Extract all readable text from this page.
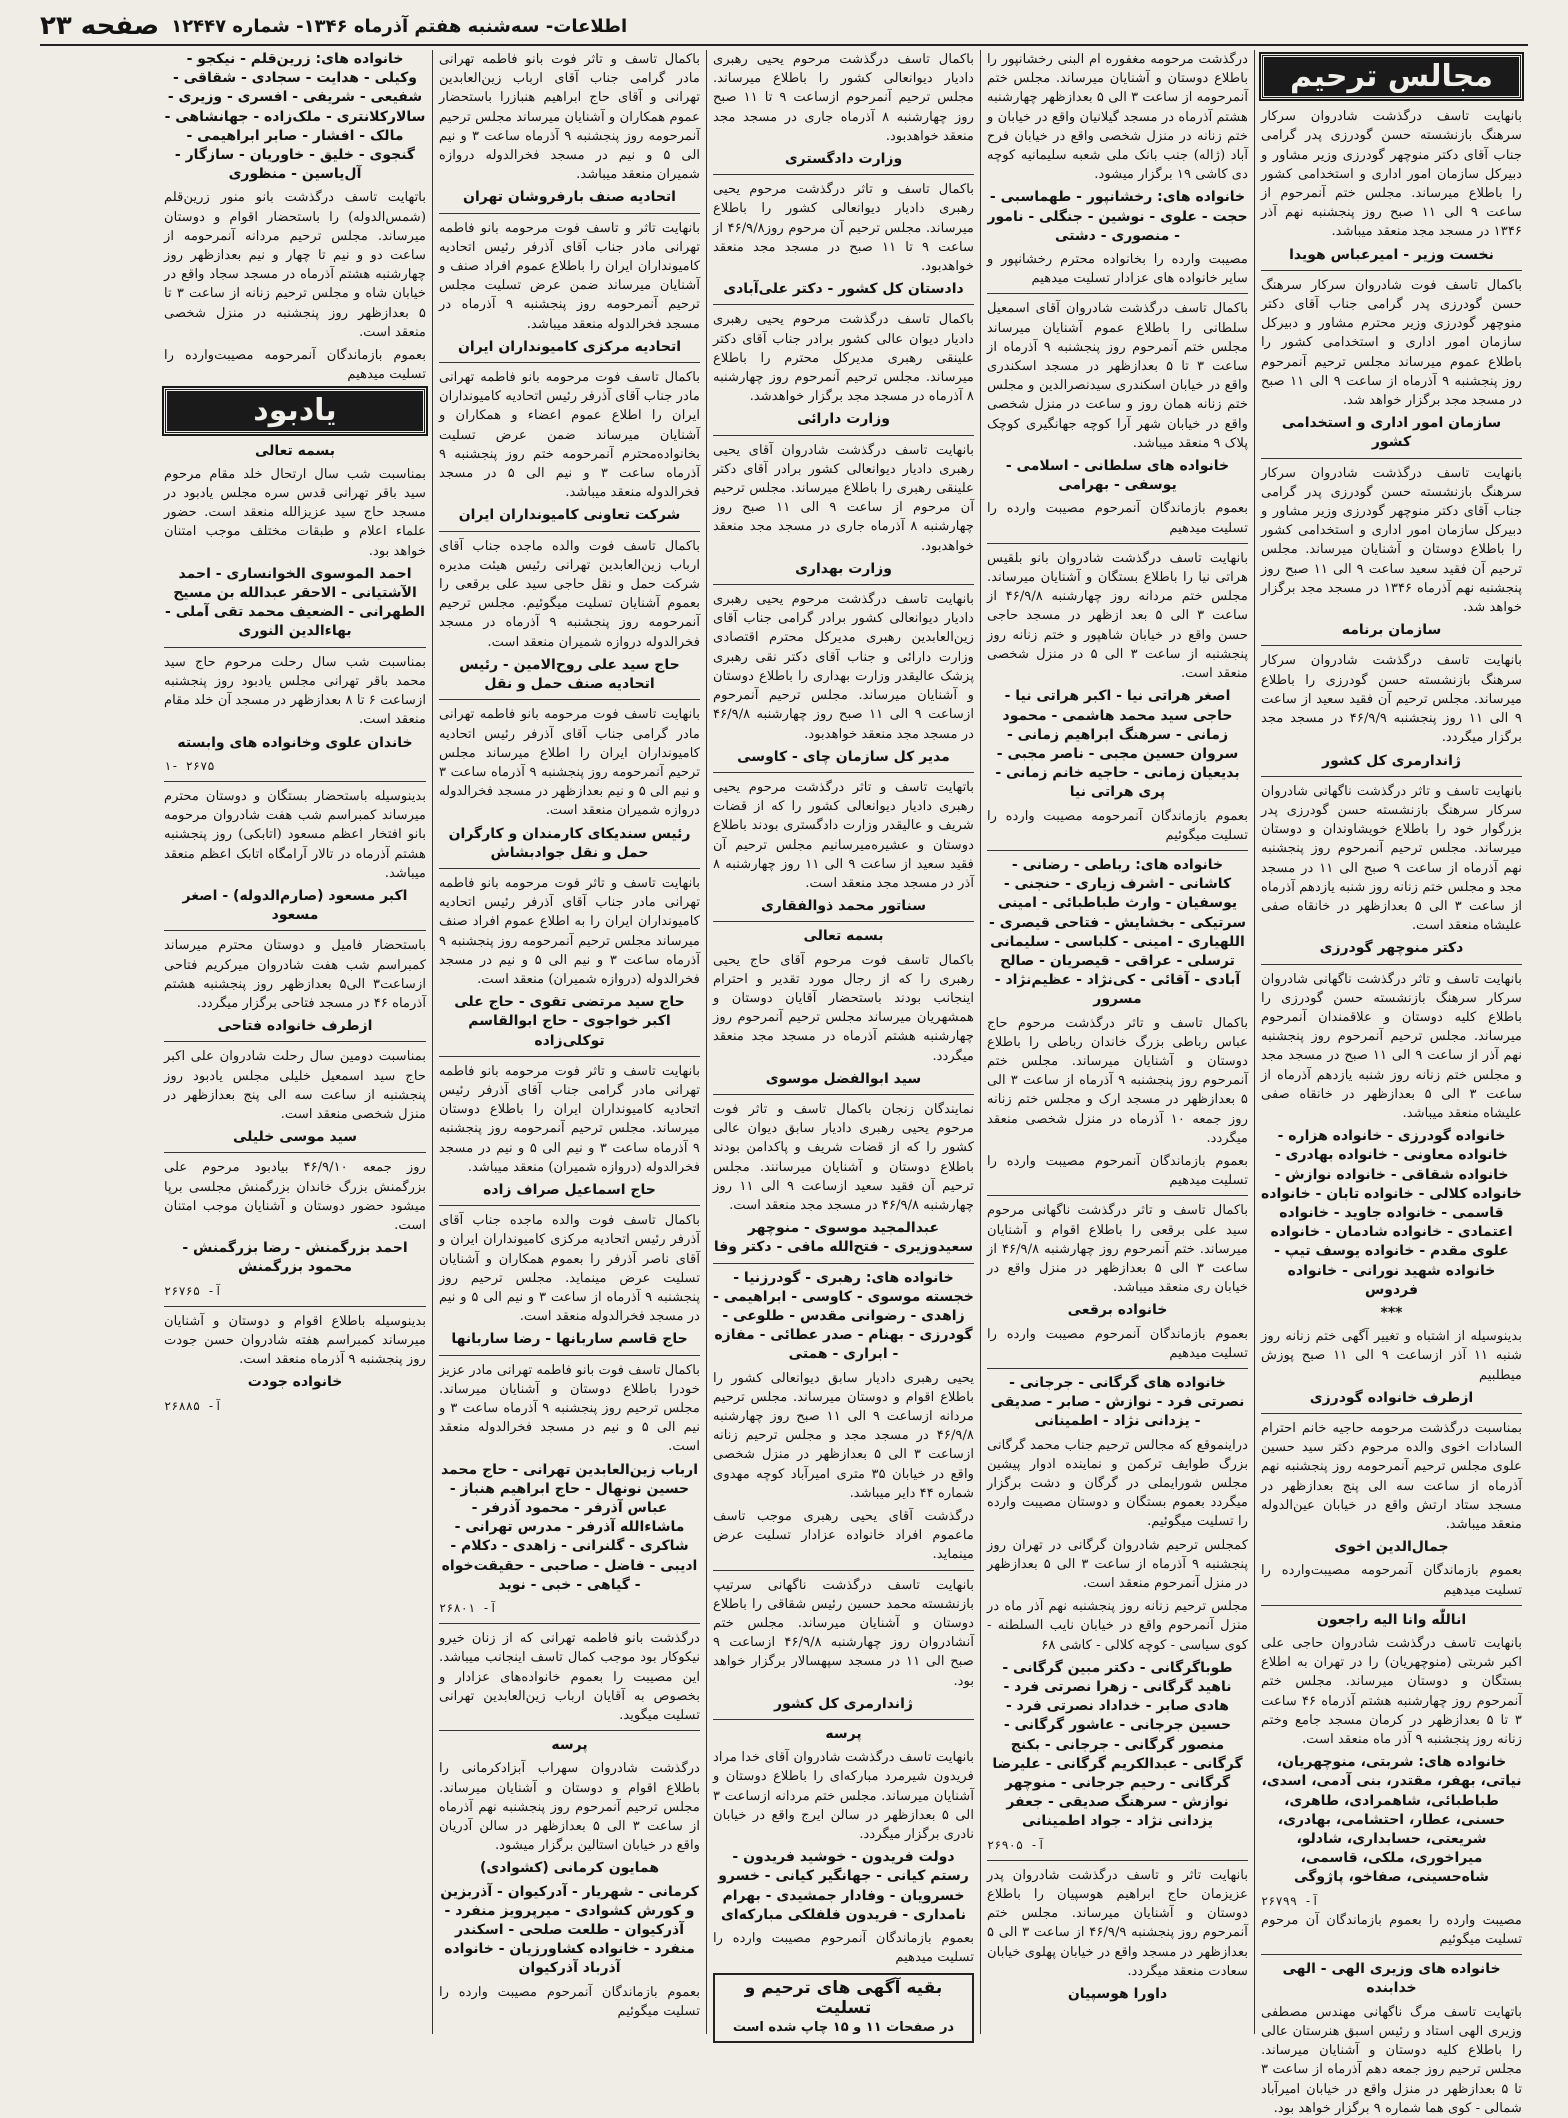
صفحه ۲۳ اطلاعات- سه‌شنبه هفتم آذرماه ۱۳۴۶- شماره ۱۲۴۴۷
مجالس ترحیم

بانهایت تاسف درگذشت شادروان سرکار سرهنگ بازنشسته حسن گودرزی پدر گرامی جناب آقای دکتر منوچهر گودرزی وزیر مشاور و دبیرکل سازمان امور اداری و استخدامی کشور را باطلاع میرساند. مجلس ختم آنمرحوم از ساعت ۹ الی ۱۱ صبح روز پنجشنبه نهم آذر ۱۳۴۶ در مسجد مجد منعقد میباشد.

نخست وزیر - امیرعباس هویدا

باکمال تاسف فوت شادروان سرکار سرهنگ حسن گودرزی پدر گرامی جناب آقای دکتر منوچهر گودرزی وزیر محترم مشاور و دبیرکل سازمان امور اداری و استخدامی کشور را باطلاع عموم میرساند مجلس ترحیم آنمرحوم روز پنجشنبه ۹ آذرماه از ساعت ۹ الی ۱۱ صبح در مسجد مجد برگزار خواهد شد.

سازمان امور اداری و استخدامی کشور

بانهایت تاسف درگذشت شادروان سرکار سرهنگ بازنشسته حسن گودرزی پدر گرامی جناب آقای دکتر منوچهر گودرزی وزیر مشاور و دبیرکل سازمان امور اداری و استخدامی کشور را باطلاع دوستان و آشنایان میرساند. مجلس ترحیم آن فقید سعید ساعت ۹ الی ۱۱ صبح روز پنجشنبه نهم آذرماه ۱۳۴۶ در مسجد مجد برگزار خواهد شد.

سازمان برنامه

بانهایت تاسف درگذشت شادروان سرکار سرهنگ بازنشسته حسن گودرزی را باطلاع میرساند. مجلس ترحیم آن فقید سعید از ساعت ۹ الی ۱۱ روز پنجشنبه ۴۶/۹/۹ در مسجد مجد برگزار میگردد.

ژاندارمری کل کشور

بانهایت تاسف و تاثر درگذشت ناگهانی شادروان سرکار سرهنگ بازنشسته حسن گودرزی پدر بزرگوار خود را باطلاع خویشاوندان و دوستان میرساند. مجلس ترحیم آنمرحوم روز پنجشنبه نهم آذرماه از ساعت ۹ صبح الی ۱۱ در مسجد مجد و مجلس ختم زنانه روز شنبه یازدهم آذرماه از ساعت ۳ الی ۵ بعدازظهر در خانقاه صفی علیشاه منعقد است.

دکتر منوچهر گودرزی

بانهایت تاسف و تاثر درگذشت ناگهانی شادروان سرکار سرهنگ بازنشسته حسن گودرزی را باطلاع کلیه دوستان و علاقمندان آنمرحوم میرساند. مجلس ترحیم آنمرحوم روز پنجشنبه نهم آذر از ساعت ۹ الی ۱۱ صبح در مسجد مجد و مجلس ختم زنانه روز شنبه یازدهم آذرماه از ساعت ۳ الی ۵ بعدازظهر در خانقاه صفی علیشاه منعقد میباشد.

خانواده گودرزی - خانواده هزاره - خانواده معاونی - خانواده بهادری - خانواده شقاقی - خانواده نوازش - خانواده کلالی - خانواده تابان - خانواده قاسمی - خانواده جاوید - خانواده اعتمادی - خانواده شادمان - خانواده علوی مقدم - خانواده یوسف تیپ - خانواده شهید نورانی - خانواده فردوس

***

بدینوسیله از اشتباه و تغییر آگهی ختم زنانه روز شنبه ۱۱ آذر ازساعت ۹ الی ۱۱ صبح پوزش میطلبیم

ازطرف خانواده گودرزی

بمناسبت درگذشت مرحومه حاجیه خانم احترام السادات اخوی والده مرحوم دکتر سید حسین علوی مجلس ترحیم آنمرحومه روز پنجشنبه نهم آذرماه از ساعت سه الی پنج بعدازظهر در مسجد ستاد ارتش واقع در خیابان عین‌الدوله منعقد میباشد.

جمال‌الدین اخوی

بعموم بازماندگان آنمرحومه مصیبت‌وارده را تسلیت میدهیم

اناللّٰه وانا الیه راجعون

بانهایت تاسف درگذشت شادروان حاجی علی اکبر شربتی (منوچهریان) را در تهران به اطلاع بستگان و دوستان میرساند. مجلس ختم آنمرحوم روز چهارشنبه هشتم آذرماه ۴۶ ساعت ۳ تا ۵ بعدازظهر در کرمان مسجد جامع وختم زنانه روز پنجشنبه ۹ آذر ماه منعقد است.

خانواده های: شربتی، منوچهریان، نیاتی، بهفر، مقتدر، بنی آدمی، اسدی، طباطبائی، شاهمرادی، طاهری، حسنی، عطار، احتشامی، بهادری، شریعتی، حسابداری، شادلو، میراخوری، ملکی، قاسمی، شاه‌حسینی، صفاخو، پاژوگی

آ- ۲۶۷۹۹

مصیبت وارده را بعموم بازماندگان آن مرحوم تسلیت میگوئیم

خانواده های وزیری الهی - الهی خدابنده

باتهایت تاسف مرگ ناگهانی مهندس مصطفی وزیری الهی استاد و رئیس اسبق هنرستان عالی را باطلاع کلیه دوستان و آشنایان میرساند. مجلس ترحیم روز جمعه دهم آذرماه از ساعت ۳ تا ۵ بعدازظهر در منزل واقع در خیابان امیرآباد شمالی - کوی هما شماره ۹ برگزار خواهد بود.

درگذشت مرحومه مغفوره ام البنی رخشانپور را باطلاع دوستان و آشنایان میرساند. مجلس ختم آنمرحومه از ساعت ۳ الی ۵ بعدازظهر چهارشنبه هشتم آذرماه در مسجد گیلانیان واقع در خیابان و ختم زنانه در منزل شخصی واقع در خیابان فرح آباد (ژاله) جنب بانک ملی شعبه سلیمانیه کوچه دی کاشی ۱۹ برگزار میشود.

خانواده های: رخشانپور - طهماسبی - حجت - علوی - نوشین - جنگلی - نامور - منصوری - دشتی

مصیبت وارده را بخانواده محترم رخشانپور و سایر خانواده های عزادار تسلیت میدهیم

باکمال تاسف درگذشت شادروان آقای اسمعیل سلطانی را باطلاع عموم آشنایان میرساند مجلس ختم آنمرحوم روز پنجشنبه ۹ آذرماه از ساعت ۳ تا ۵ بعدازظهر در مسجد اسکندری واقع در خیابان اسکندری سیدنصرالدین و مجلس ختم زنانه همان روز و ساعت در منزل شخصی واقع در خیابان شهر آرا کوچه جهانگیری کوچک پلاک ۹ منعقد میباشد.

خانواده های سلطانی - اسلامی - یوسفی - بهرامی

بعموم بازماندگان آنمرحوم مصیبت وارده را تسلیت میدهیم

بانهایت تاسف درگذشت شادروان بانو بلقیس هراتی نیا را باطلاع بستگان و آشنایان میرساند. مجلس ختم مردانه روز چهارشنبه ۴۶/۹/۸ از ساعت ۳ الی ۵ بعد ازظهر در مسجد حاجی حسن واقع در خیابان شاهپور و ختم زنانه روز پنجشنبه از ساعت ۳ الی ۵ در منزل شخصی منعقد است.

اصغر هراتی نیا - اکبر هراتی نیا - حاجی سید محمد هاشمی - محمود زمانی - سرهنگ ابراهیم زمانی - سروان حسین مجبی - ناصر مجبی - بدیعیان زمانی - حاجیه خانم زمانی - پری هراتی نیا

بعموم بازماندگان آنمرحومه مصیبت وارده را تسلیت میگوئیم

خانواده های: رباطی - رضانی - کاشانی - اشرف زیاری - حنجنی - یوسفیان - وارث طباطبائی - امینی سرتیکی - بخشایش - فتاحی قیصری - اللهیاری - امینی - کلباسی - سلیمانی ترسلی - عراقی - قیصریان - صالح آبادی - آقائی - کی‌نژاد - عظیم‌نژاد - مسرور

باکمال تاسف و تاثر درگذشت مرحوم حاج عباس رباطی بزرگ خاندان رباطی را باطلاع دوستان و آشنایان میرساند. مجلس ختم آنمرحوم روز پنجشنبه ۹ آذرماه از ساعت ۳ الی ۵ بعدازظهر در مسجد ارک و مجلس ختم زنانه روز جمعه ۱۰ آذرماه در منزل شخصی منعقد میگردد.

بعموم بازماندگان آنمرحوم مصیبت وارده را تسلیت میدهیم

باکمال تاسف و تاثر درگذشت ناگهانی مرحوم سید علی برقعی را باطلاع اقوام و آشنایان میرساند. ختم آنمرحوم روز چهارشنبه ۴۶/۹/۸ از ساعت ۳ الی ۵ بعدازظهر در منزل واقع در خیابان ری منعقد میباشد.

خانواده برقعی

بعموم بازماندگان آنمرحوم مصیبت وارده را تسلیت میدهیم

خانواده های گرگانی - جرجانی - نصرتی فرد - نوازش - صابر - صدیقی - یزدانی نژاد - اطمینانی

دراینموقع که مجالس ترحیم جناب محمد گرگانی بزرگ طوایف ترکمن و نماینده ادوار پیشین مجلس شورایملی در گرگان و دشت برگزار میگردد بعموم بستگان و دوستان مصیبت وارده را تسلیت میگوئیم.

کمجلس ترحیم شادروان گرگانی در تهران روز پنجشنبه ۹ آذرماه از ساعت ۳ الی ۵ بعدازظهر در منزل آنمرحوم منعقد است.

مجلس ترحیم زنانه روز پنجشنبه نهم آذر ماه در منزل آنمرحوم واقع در خیابان نایب السلطنه - کوی سیاسی - کوچه کلالی - کاشی ۶۸

طوباگرگانی - دکتر مبین گرگانی - ناهید گرگانی - زهرا نصرتی فرد - هادی صابر - خداداد نصرتی فرد - حسین جرجانی - عاشور گرگانی - منصور گرگانی - جرجانی - بکنج گرگانی - عبدالکریم گرگانی - علیرضا گرگانی - رحیم جرجانی - منوچهر نوازش - سرهنگ صدیقی - جعفر یزدانی نژاد - جواد اطمینانی

آ- ۲۶۹۰۵

بانهایت تاثر و تاسف درگذشت شادروان پدر عزیزمان حاج ابراهیم هوسپیان را باطلاع دوستان و آشنایان میرساند. مجلس ختم آنمرحوم روز پنجشنبه ۴۶/۹/۹ از ساعت ۳ الی ۵ بعدازظهر در مسجد واقع در خیابان پهلوی خیابان سعادت منعقد میگردد.

داورا هوسپیان

باکمال تاسف درگذشت مرحوم یحیی رهبری دادیار دیوانعالی کشور را باطلاع میرساند. مجلس ترحیم آنمرحوم ازساعت ۹ تا ۱۱ صبح روز چهارشنبه ۸ آذرماه جاری در مسجد مجد منعقد خواهدبود.

وزارت دادگستری

باکمال تاسف و تاثر درگذشت مرحوم یحیی رهبری دادیار دیوانعالی کشور را باطلاع میرساند. مجلس ترحیم آن مرحوم روز۴۶/۹/۸ از ساعت ۹ تا ۱۱ صبح در مسجد مجد منعقد خواهدبود.

دادستان کل کشور - دکتر علی‌آبادی

باکمال تاسف درگذشت مرحوم یحیی رهبری دادیار دیوان عالی کشور برادر جناب آقای دکتر علینقی رهبری مدیرکل محترم را باطلاع میرساند. مجلس ترحیم آنمرحوم روز چهارشنبه ۸ آذرماه در مسجد مجد برگزار خواهدشد.

وزارت دارائی

بانهایت تاسف درگذشت شادروان آقای یحیی رهبری دادیار دیوانعالی کشور برادر آقای دکتر علینقی رهبری را باطلاع میرساند. مجلس ترحیم آن مرحوم از ساعت ۹ الی ۱۱ صبح روز چهارشنبه ۸ آذرماه جاری در مسجد مجد منعقد خواهدبود.

وزارت بهداری

بانهایت تاسف درگذشت مرحوم یحیی رهبری دادیار دیوانعالی کشور برادر گرامی جناب آقای زین‌العابدین رهبری مدیرکل محترم اقتصادی وزارت دارائی و جناب آقای دکتر نقی رهبری پزشک عالیقدر وزارت بهداری را باطلاع دوستان و آشنایان میرساند. مجلس ترحیم آنمرحوم ازساعت ۹ الی ۱۱ صبح روز چهارشنبه ۴۶/۹/۸ در مسجد مجد منعقد خواهدبود.

مدیر کل سازمان چای - کاوسی

باتهایت تاسف و تاثر درگذشت مرحوم یحیی رهبری دادیار دیوانعالی کشور را که از قضات شریف و عالیقدر وزارت دادگستری بودند باطلاع دوستان و عشیره‌میرسانیم مجلس ترحیم آن فقید سعید از ساعت ۹ الی ۱۱ روز چهارشنبه ۸ آذر در مسجد مجد منعقد است.

سناتور محمد ذوالفقاری
بسمه تعالی

باکمال تاسف فوت مرحوم آقای حاج یحیی رهبری را که از رجال مورد تقدیر و احترام اینجانب بودند باستحضار آقایان دوستان و همشهریان میرساند مجلس ترحیم آنمرحوم روز چهارشنبه هشتم آذرماه در مسجد مجد منعقد میگردد.

سید ابوالفضل موسوی

نمایندگان زنجان باکمال تاسف و تاثر فوت مرحوم یحیی رهبری دادیار سابق دیوان عالی کشور را که از قضات شریف و پاکدامن بودند باطلاع دوستان و آشنایان میرسانند. مجلس ترحیم آن فقید سعید ازساعت ۹ الی ۱۱ روز چهارشنبه ۴۶/۹/۸ در مسجد مجد منعقد است.

عبدالمجید موسوی - منوچهر سعیدوزیری - فتح‌الله مافی - دکتر وفا

خانواده های: رهبری - گودرزنیا - خجسته موسوی - کاوسی - ابراهیمی - زاهدی - رضوانی مقدس - طلوعی - گودرزی - بهنام - صدر عطائی - مفازه - ابراری - همتی

یحیی رهبری دادیار سابق دیوانعالی کشور را باطلاع اقوام و دوستان میرساند. مجلس ترحیم مردانه ازساعت ۹ الی ۱۱ صبح روز چهارشنبه ۴۶/۹/۸ در مسجد مجد و مجلس ترحیم زنانه ازساعت ۳ الی ۵ بعدازظهر در منزل شخصی واقع در خیابان ۳۵ متری امیرآباد کوچه مهدوی شماره ۴۴ دایر میباشد.

درگذشت آقای یحیی رهبری موجب تاسف ماعموم افراد خانواده عزادار تسلیت عرض مینماید.

بانهایت تاسف درگذشت ناگهانی سرتیپ بازنشسته محمد حسین رئیس شقاقی را باطلاع دوستان و آشنایان میرساند. مجلس ختم آنشادروان روز چهارشنبه ۴۶/۹/۸ ازساعت ۹ صبح الی ۱۱ در مسجد سپهسالار برگزار خواهد بود.

ژاندارمری کل کشور
پرسه

بانهایت تاسف درگذشت شادروان آقای خدا مراد فریدون شیرمرد مبارکه‌ای را باطلاع دوستان و آشنایان میرساند. مجلس ختم مردانه ازساعت ۳ الی ۵ بعدازظهر در سالن ایرج واقع در خیابان نادری برگزار میگردد.

دولت فریدون - خوشید فریدون - رستم کیانی - جهانگیر کیانی - خسرو خسرویان - وفادار جمشیدی - بهرام نامداری - فریدون فلفلکی مبارکه‌ای

بعموم بازماندگان آنمرحوم مصیبت وارده را تسلیت میدهیم

بقیه آگهی های ترحیم و تسلیت
در صفحات ۱۱ و ۱۵ چاپ شده است

باکمال تاسف و تاثر فوت بانو فاطمه تهرانی مادر گرامی جناب آقای ارباب زین‌العابدین تهرانی و آقای حاج ابراهیم هنبازرا باستحضار عموم همکاران و آشنایان میرساند مجلس ترحیم آنمرحومه روز پنجشنبه ۹ آذرماه ساعت ۳ و نیم الی ۵ و نیم در مسجد فخرالدوله دروازه شمیران منعقد میباشد.

اتحادیه صنف بارفروشان تهران

بانهایت تاثر و تاسف فوت مرحومه بانو فاطمه تهرانی مادر جناب آقای آذرفر رئیس اتحادیه کامیونداران ایران را باطلاع عموم افراد صنف و آشنایان میرساند ضمن عرض تسلیت مجلس ترحیم آنمرحومه روز پنجشنبه ۹ آذرماه در مسجد فخرالدوله منعقد میباشد.

اتحادیه مرکزی کامیونداران ایران

باکمال تاسف فوت مرحومه بانو فاطمه تهرانی مادر جناب آقای آذرفر رئیس اتحادیه کامیونداران ایران را اطلاع عموم اعضاء و همکاران و آشنایان میرساند ضمن عرض تسلیت بخانواده‌محترم آنمرحومه ختم روز پنجشنبه ۹ آذرماه ساعت ۳ و نیم الی ۵ در مسجد فخرالدوله منعقد میباشد.

شرکت تعاونی کامیونداران ایران

باکمال تاسف فوت والده ماجده جناب آقای ارباب زین‌العابدین تهرانی رئیس هیئت مدیره شرکت حمل و نقل حاجی سید علی برقعی را بعموم آشنایان تسلیت میگوئیم. مجلس ترحیم آنمرحومه روز پنجشنبه ۹ آذرماه در مسجد فخرالدوله دروازه شمیران منعقد است.

حاج سید علی روح‌الامین - رئیس اتحادیه صنف حمل و نقل

بانهایت تاسف فوت مرحومه بانو فاطمه تهرانی مادر گرامی جناب آقای آذرفر رئیس اتحادیه کامیونداران ایران را اطلاع میرساند مجلس ترحیم آنمرحومه روز پنجشنبه ۹ آذرماه ساعت ۳ و نیم الی ۵ و نیم بعدازظهر در مسجد فخرالدوله دروازه شمیران منعقد است.

رئیس سندیکای کارمندان و کارگران حمل و نقل جوادبشاش

بانهایت تاسف و تاثر فوت مرحومه بانو فاطمه تهرانی مادر جناب آقای آذرفر رئیس اتحادیه کامیونداران ایران را به اطلاع عموم افراد صنف میرساند مجلس ترحیم آنمرحومه روز پنجشنبه ۹ آذرماه ساعت ۳ و نیم الی ۵ و نیم در مسجد فخرالدوله (دروازه شمیران) منعقد است.

حاج سید مرتضی تقوی - حاج علی اکبر خواجوی - حاج ابوالقاسم توکلی‌زاده

بانهایت تاسف و تاثر فوت مرحومه بانو فاطمه تهرانی مادر گرامی جناب آقای آذرفر رئیس اتحادیه کامیونداران ایران را باطلاع دوستان میرساند. مجلس ترحیم آنمرحومه روز پنجشنبه ۹ آذرماه ساعت ۳ و نیم الی ۵ و نیم در مسجد فخرالدوله (دروازه شمیران) منعقد میباشد.

حاج اسماعیل صراف زاده

باکمال تاسف فوت والده ماجده جناب آقای آذرفر رئیس اتحادیه مرکزی کامیونداران ایران و آقای ناصر آذرفر را بعموم همکاران و آشنایان تسلیت عرض مینماید. مجلس ترحیم روز پنجشنبه ۹ آذرماه از ساعت ۳ و نیم الی ۵ و نیم در مسجد فخرالدوله منعقد است.

حاج قاسم ساربانها - رضا ساربانها

باکمال تاسف فوت بانو فاطمه تهرانی مادر عزیز خودرا باطلاع دوستان و آشنایان میرساند. مجلس ترحیم روز پنجشنبه ۹ آذرماه ساعت ۳ و نیم الی ۵ و نیم در مسجد فخرالدوله منعقد است.

ارباب زین‌العابدین تهرانی - حاج محمد حسین نونهال - حاج ابراهیم هنباز - عباس آذرفر - محمود آذرفر - ماشاءالله آذرفر - مدرس تهرانی - شاکری - گلنرانی - زاهدی - دکلام - ادیبی - فاضل - صاحبی - حقیقت‌خواه - گیاهی - خبی - نوید

آ- ۲۶۸۰۱

درگذشت بانو فاطمه تهرانی که از زنان خیرو نیکوکار بود موجب کمال تاسف اینجانب میباشد. این مصیبت را بعموم خانواده‌های عزادار و بخصوص به آقایان ارباب زین‌العابدین تهرانی تسلیت میگوید.

پرسه

درگذشت شادروان سهراب آبزادکرمانی را باطلاع اقوام و دوستان و آشنایان میرساند. مجلس ترحیم آنمرحوم روز پنجشنبه نهم آذرماه از ساعت ۳ الی ۵ بعدازظهر در سالن آدریان واقع در خیابان استالین برگزار میشود.

همایون کرمانی (کشوادی)

کرمانی - شهریار - آدرکیوان - آذربزین و کورش کشوادی - میرپرویز منفرد - آذرکیوان - طلعت صلحی - اسکندر منفرد - خانواده کشاورزیان - خانواده آذرباد آذرکیوان

بعموم بازماندگان آنمرحوم مصیبت وارده را تسلیت میگوئیم

خانواده های: زرین‌قلم - نیکجو - وکیلی - هدایت - سجادی - شقاقی - شفیعی - شریفی - افسری - وزیری - سالارکلانتری - ملک‌زاده - جهانشاهی - مالک - افشار - صابر ابراهیمی - گنجوی - خلیق - خاوریان - سازگار - آل‌یاسین - منظوری

باتهایت تاسف درگذشت بانو منور زرین‌قلم (شمس‌الدوله) را باستحضار اقوام و دوستان میرساند. مجلس ترحیم مردانه آنمرحومه از ساعت دو و نیم تا چهار و نیم بعدازظهر روز چهارشنبه هشتم آذرماه در مسجد سجاد واقع در خیابان شاه و مجلس ترحیم زنانه از ساعت ۳ تا ۵ بعدازظهر روز پنجشنبه در منزل شخصی منعقد است.

بعموم بازماندگان آنمرحومه مصیبت‌وارده را تسلیت میدهیم

یادبود
بسمه تعالی

بمناسبت شب سال ارتحال خلد مقام مرحوم سید باقر تهرانی قدس سره مجلس یادبود در مسجد حاج سید عزیزالله منعقد است. حضور علماء اعلام و طبقات مختلف موجب امتنان خواهد بود.

احمد الموسوی الخوانساری - احمد الآشتیانی - الاحقر عبدالله بن مسیح الطهرانی - الضعیف محمد تقی آملی - بهاءالدین النوری

بمناسبت شب سال رحلت مرحوم حاج سید محمد باقر تهرانی مجلس یادبود روز پنجشنبه ازساعت ۶ تا ۸ بعدازظهر در مسجد آن خلد مقام منعقد است.

خاندان علوی وخانواده های وابسته
۱- ۲۶۷۵

بدینوسیله باستحضار بستگان و دوستان محترم میرساند کمبراسم شب هفت شادروان مرحومه بانو افتخار اعظم مسعود (اتابکی) روز پنجشنبه هشتم آذرماه در تالار آرامگاه اتابک اعظم منعقد میباشد.

اکبر مسعود (صارم‌الدوله) - اصغر مسعود

باستحضار فامیل و دوستان محترم میرساند کمبراسم شب هفت شادروان میرکریم فتاحی ازساعت۳ الی۵ بعدازظهر روز پنجشنبه هشتم آذرماه ۴۶ در مسجد فتاحی برگزار میگردد.

ازطرف خانواده فتاحی

بمناسبت دومین سال رحلت شادروان علی اکبر حاج سید اسمعیل خلیلی مجلس یادبود روز پنجشنبه از ساعت سه الی پنج بعدازظهر در منزل شخصی منعقد است.

سید موسی خلیلی

روز جمعه ۴۶/۹/۱۰ بیادبود مرحوم علی بزرگمنش بزرگ خاندان بزرگمنش مجلسی برپا میشود حضور دوستان و آشنایان موجب امتنان است.

احمد بزرگمنش - رضا بزرگمنش - محمود بزرگمنش
آ- ۲۶۷۶۵

بدینوسیله باطلاع اقوام و دوستان و آشنایان میرساند کمبراسم هفته شادروان حسن جودت روز پنجشنبه ۹ آذرماه منعقد است.

خانواده جودت
آ- ۲۶۸۸۵
